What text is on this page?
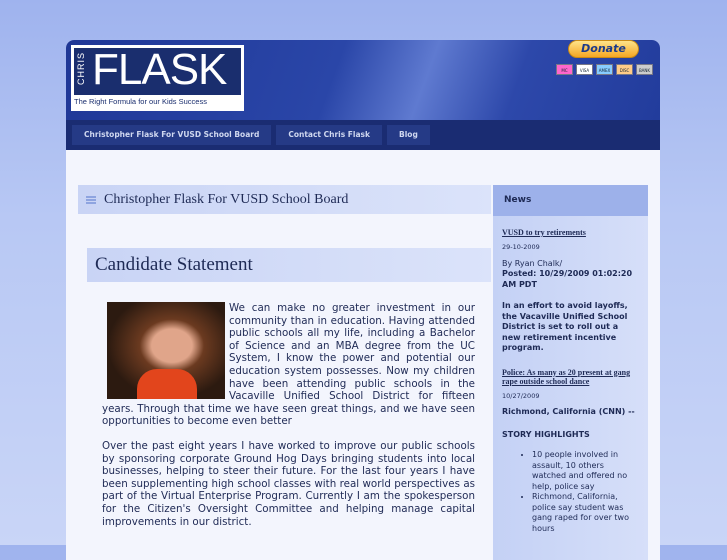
CHRIS FLASK
The Right Formula for our Kids Success
Donate
MC	VISA	AMEX	DISC	BANK
Christopher Flask For VUSD School Board	Contact Chris Flask	Blog
Christopher Flask For VUSD School Board
Candidate Statement

We can make no greater investment in our community than in education. Having attended public schools all my life, including a Bachelor of Science and an MBA degree from the UC System, I know the power and potential our education system possesses. Now my children have been attending public schools in the Vacaville Unified School District for fifteen years. Through that time we have seen great things, and we have seen opportunities to become even better

Over the past eight years I have worked to improve our public schools by sponsoring corporate Ground Hog Days bringing students into local businesses, helping to steer their future. For the last four years I have been supplementing high school classes with real world perspectives as part of the Virtual Enterprise Program. Currently I am the spokesperson for the Citizen's Oversight Committee and helping manage capital improvements in our district.

News
VUSD to try retirements
29-10-2009
By Ryan Chalk/
Posted: 10/29/2009 01:02:20 AM PDT
In an effort to avoid layoffs, the Vacaville Unified School District is set to roll out a new retirement incentive program.
Police: As many as 20 present at gang rape outside school dance
10/27/2009
Richmond, California (CNN) --
STORY HIGHLIGHTS
• 10 people involved in assault, 10 others watched and offered no help, police say
• Richmond, California, police say student was gang raped for over two hours
